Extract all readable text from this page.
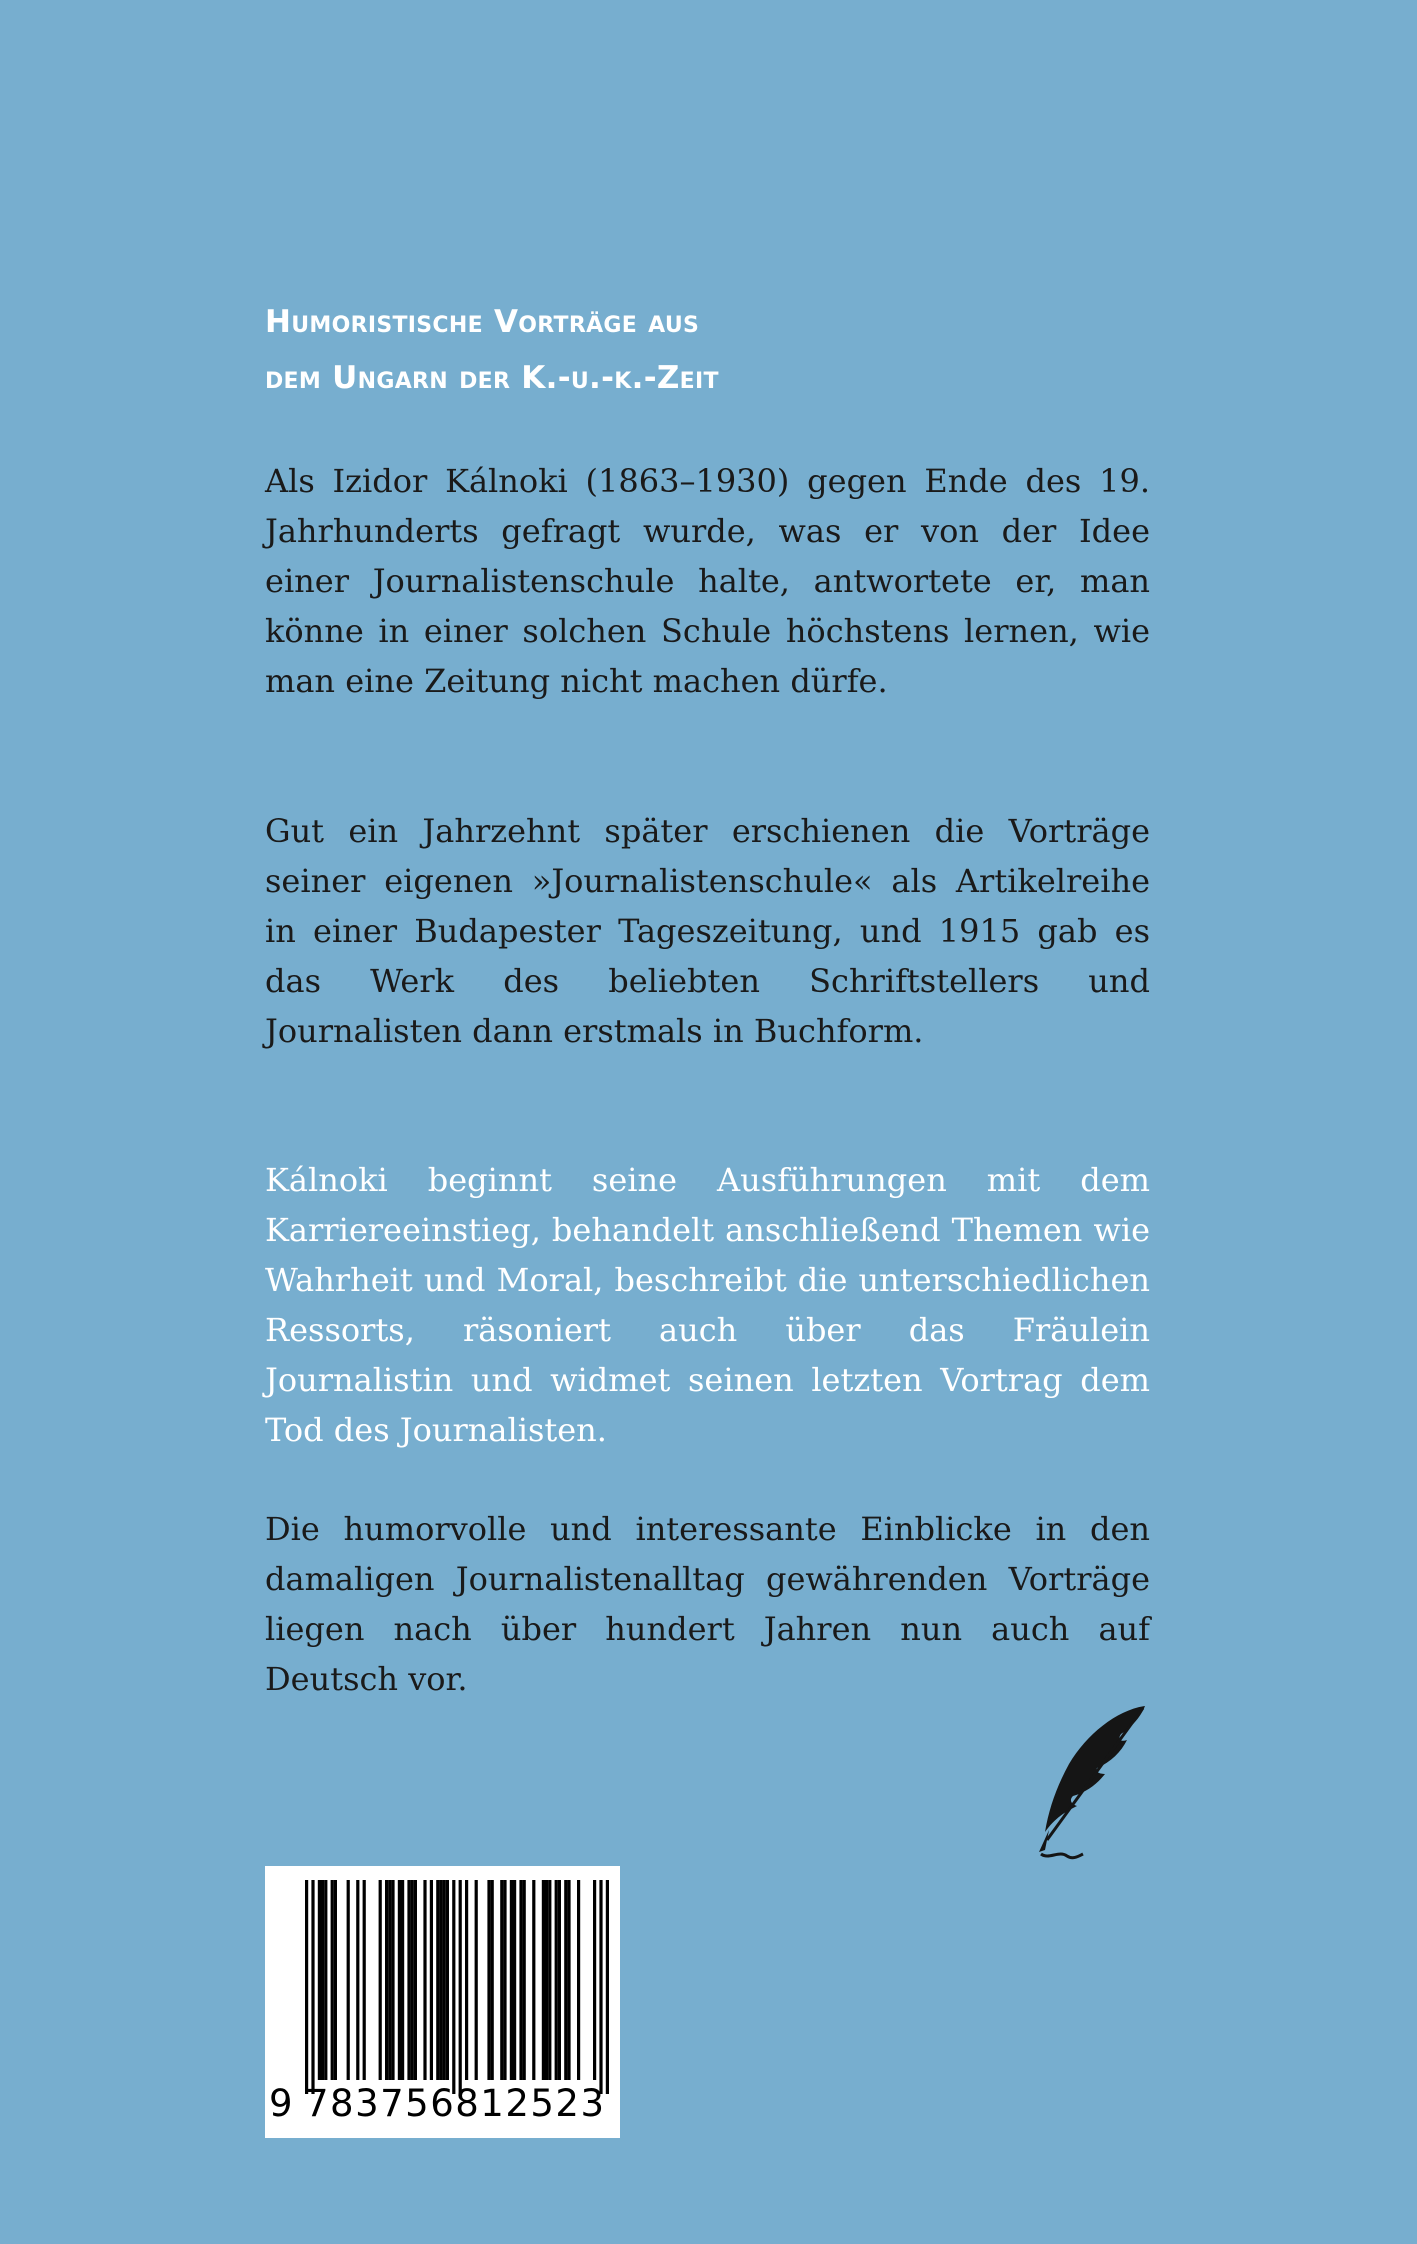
Humoristische Vorträge aus
dem Ungarn der K.-u.-k.-Zeit

Als Izidor Kálnoki (1863–1930) gegen Ende des 19. Jahrhunderts gefragt wurde, was er von der Idee einer Journalistenschule halte, antwortete er, man könne in einer solchen Schule höchstens lernen, wie man eine Zeitung nicht machen dürfe.

Gut ein Jahrzehnt später erschienen die Vorträge seiner eigenen »Journalistenschule« als Artikelreihe in einer Budapester Tageszeitung, und 1915 gab es das Werk des beliebten Schriftstellers und Journalisten dann erstmals in Buchform.

Kálnoki beginnt seine Ausführungen mit dem Karriereeinstieg, behandelt anschließend Themen wie Wahrheit und Moral, beschreibt die unterschiedlichen Ressorts, räsoniert auch über das Fräulein Journalistin und widmet seinen letzten Vortrag dem Tod des Journalisten.

Die humorvolle und interessante Einblicke in den damaligen Journalistenalltag gewährenden Vorträge liegen nach über hundert Jahren nun auch auf Deutsch vor.

9 783756812523
